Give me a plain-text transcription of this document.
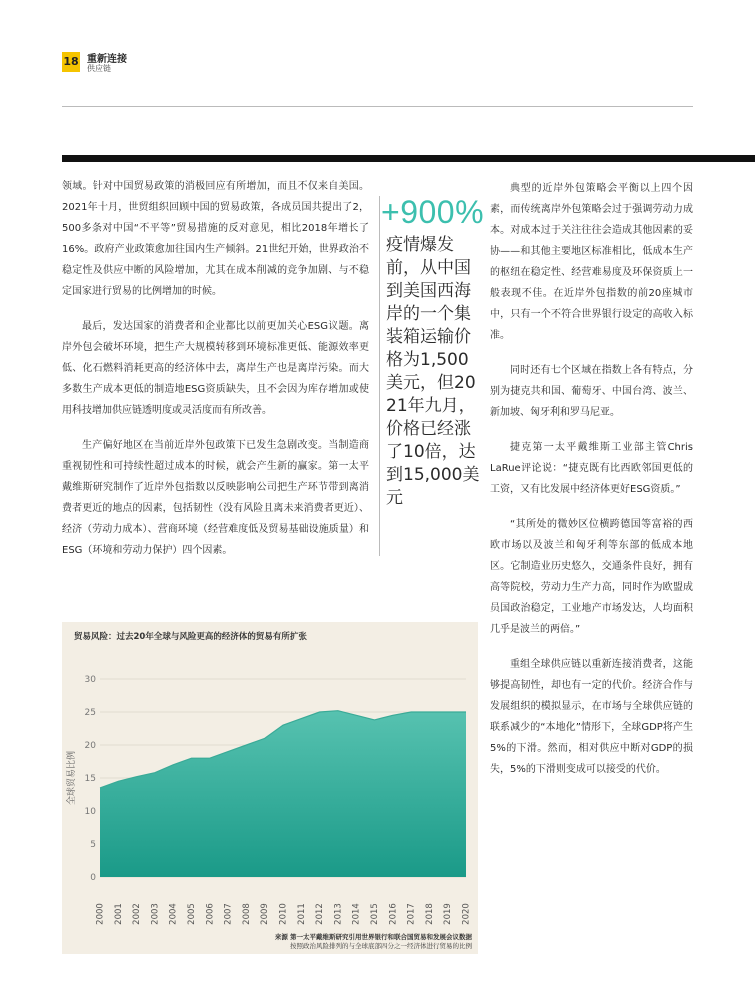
18 重新连接
供应链

领域。针对中国贸易政策的消极回应有所增加，而且不仅来自美国。2021年十月，世贸组织回顾中国的贸易政策，各成员国共提出了2，500多条对中国“不平等”贸易措施的反对意见，相比2018年增长了16%。政府产业政策愈加往国内生产倾斜。21世纪开始，世界政治不稳定性及供应中断的风险增加，尤其在成本削减的竞争加剧、与不稳定国家进行贸易的比例增加的时候。

最后，发达国家的消费者和企业都比以前更加关心ESG议题。离岸外包会破坏环境，把生产大规模转移到环境标准更低、能源效率更低、化石燃料消耗更高的经济体中去，离岸生产也是离岸污染。而大多数生产成本更低的制造地ESG资质缺失，且不会因为库存增加或使用科技增加供应链透明度或灵活度而有所改善。

生产偏好地区在当前近岸外包政策下已发生急剧改变。当制造商重视韧性和可持续性超过成本的时候，就会产生新的赢家。第一太平戴维斯研究制作了近岸外包指数以反映影响公司把生产环节带到离消费者更近的地点的因素，包括韧性（没有风险且离未来消费者更近）、经济（劳动力成本）、营商环境（经营难度低及贸易基础设施质量）和ESG（环境和劳动力保护）四个因素。

+900%
疫情爆发前，从中国到美国西海岸的一个集装箱运输价格为1,500美元，但2021年九月，价格已经涨了10倍，达到15,000美元

典型的近岸外包策略会平衡以上四个因素，而传统离岸外包策略会过于强调劳动力成本。对成本过于关注往往会造成其他因素的妥协——和其他主要地区标准相比，低成本生产的枢纽在稳定性、经营难易度及环保资质上一般表现不佳。在近岸外包指数的前20座城市中，只有一个不符合世界银行设定的高收入标准。

同时还有七个区域在指数上各有特点，分别为捷克共和国、葡萄牙、中国台湾、波兰、新加坡、匈牙利和罗马尼亚。

捷克第一太平戴维斯工业部主管Chris LaRue评论说：“捷克既有比西欧邻国更低的工资，又有比发展中经济体更好ESG资质。”

“其所处的微妙区位横跨德国等富裕的西欧市场以及波兰和匈牙利等东部的低成本地区。它制造业历史悠久，交通条件良好，拥有高等院校，劳动力生产力高，同时作为欧盟成员国政治稳定，工业地产市场发达，人均面积几乎是波兰的两倍。”

重组全球供应链以重新连接消费者，这能够提高韧性，却也有一定的代价。经济合作与发展组织的模拟显示，在市场与全球供应链的联系减少的“本地化”情形下，全球GDP将产生5%的下滑。然而，相对供应中断对GDP的损失，5%的下滑则变成可以接受的代价。

贸易风险：过去20年全球与风险更高的经济体的贸易有所扩张
0
5
10
15
20
25
30
2000 2001 2002 2003 2004 2005 2006 2007 2008 2009 2010 2011 2012 2013 2014 2015 2016 2017 2018 2019 2020
全球贸易比例
来源 第一太平戴维斯研究引用世界银行和联合国贸易和发展会议数据
按照政治风险排列的与全球底部四分之一经济体进行贸易的比例
